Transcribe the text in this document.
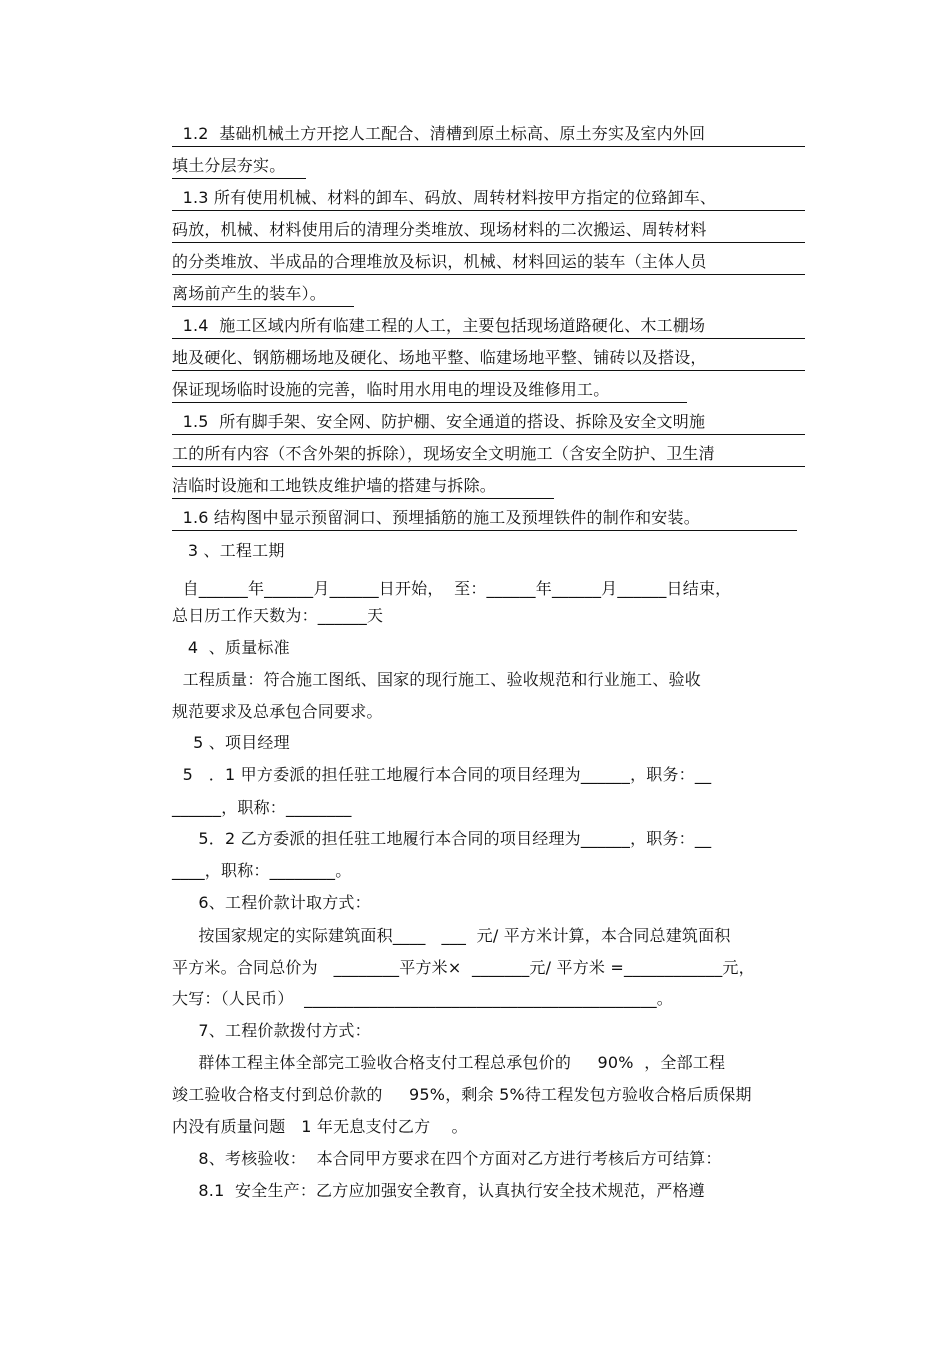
1.2  基础机械土方开挖人工配合、清槽到原土标高、原土夯实及室内外回
填土分层夯实。
1.3 所有使用机械、材料的卸车、码放、周转材料按甲方指定的位臵卸车、
码放，机械、材料使用后的清理分类堆放、现场材料的二次搬运、周转材料
的分类堆放、半成品的合理堆放及标识，机械、材料回运的装车（主体人员
离场前产生的装车）。
1.4  施工区域内所有临建工程的人工，主要包括现场道路硬化、木工棚场
地及硬化、钢筋棚场地及硬化、场地平整、临建场地平整、铺砖以及搭设，
保证现场临时设施的完善，临时用水用电的埋设及维修用工。
1.5  所有脚手架、安全网、防护棚、安全通道的搭设、拆除及安全文明施
工的所有内容（不含外架的拆除），现场安全文明施工（含安全防护、卫生清
洁临时设施和工地铁皮维护墙的搭建与拆除。
1.6 结构图中显示预留洞口、预埋插筋的施工及预埋铁件的制作和安装。
3 、工程工期
自______年______月______日开始，  至：______年______月______日结束，
总日历工作天数为：______天
4  、质量标准
工程质量：符合施工图纸、国家的现行施工、验收规范和行业施工、验收
规范要求及总承包合同要求。
5 、项目经理
5   ．1 甲方委派的担任驻工地履行本合同的项目经理为______，职务：__
______，职称：________
5．2 乙方委派的担任驻工地履行本合同的项目经理为______，职务：__
____，职称：________。
6、工程价款计取方式：
按国家规定的实际建筑面积____   ___  元/ 平方米计算，本合同总建筑面积
平方米。合同总价为   ________平方米×  _______元/ 平方米 =____________元，
大写：（人民币）  ___________________________________________。
7、工程价款拨付方式：
群体工程主体全部完工验收合格支付工程总承包价的     90%  ，全部工程
竣工验收合格支付到总价款的     95%，剩余 5%待工程发包方验收合格后质保期
内没有质量问题   1 年无息支付乙方    。
8、考核验收：  本合同甲方要求在四个方面对乙方进行考核后方可结算：
8.1  安全生产：乙方应加强安全教育，认真执行安全技术规范，严格遵
